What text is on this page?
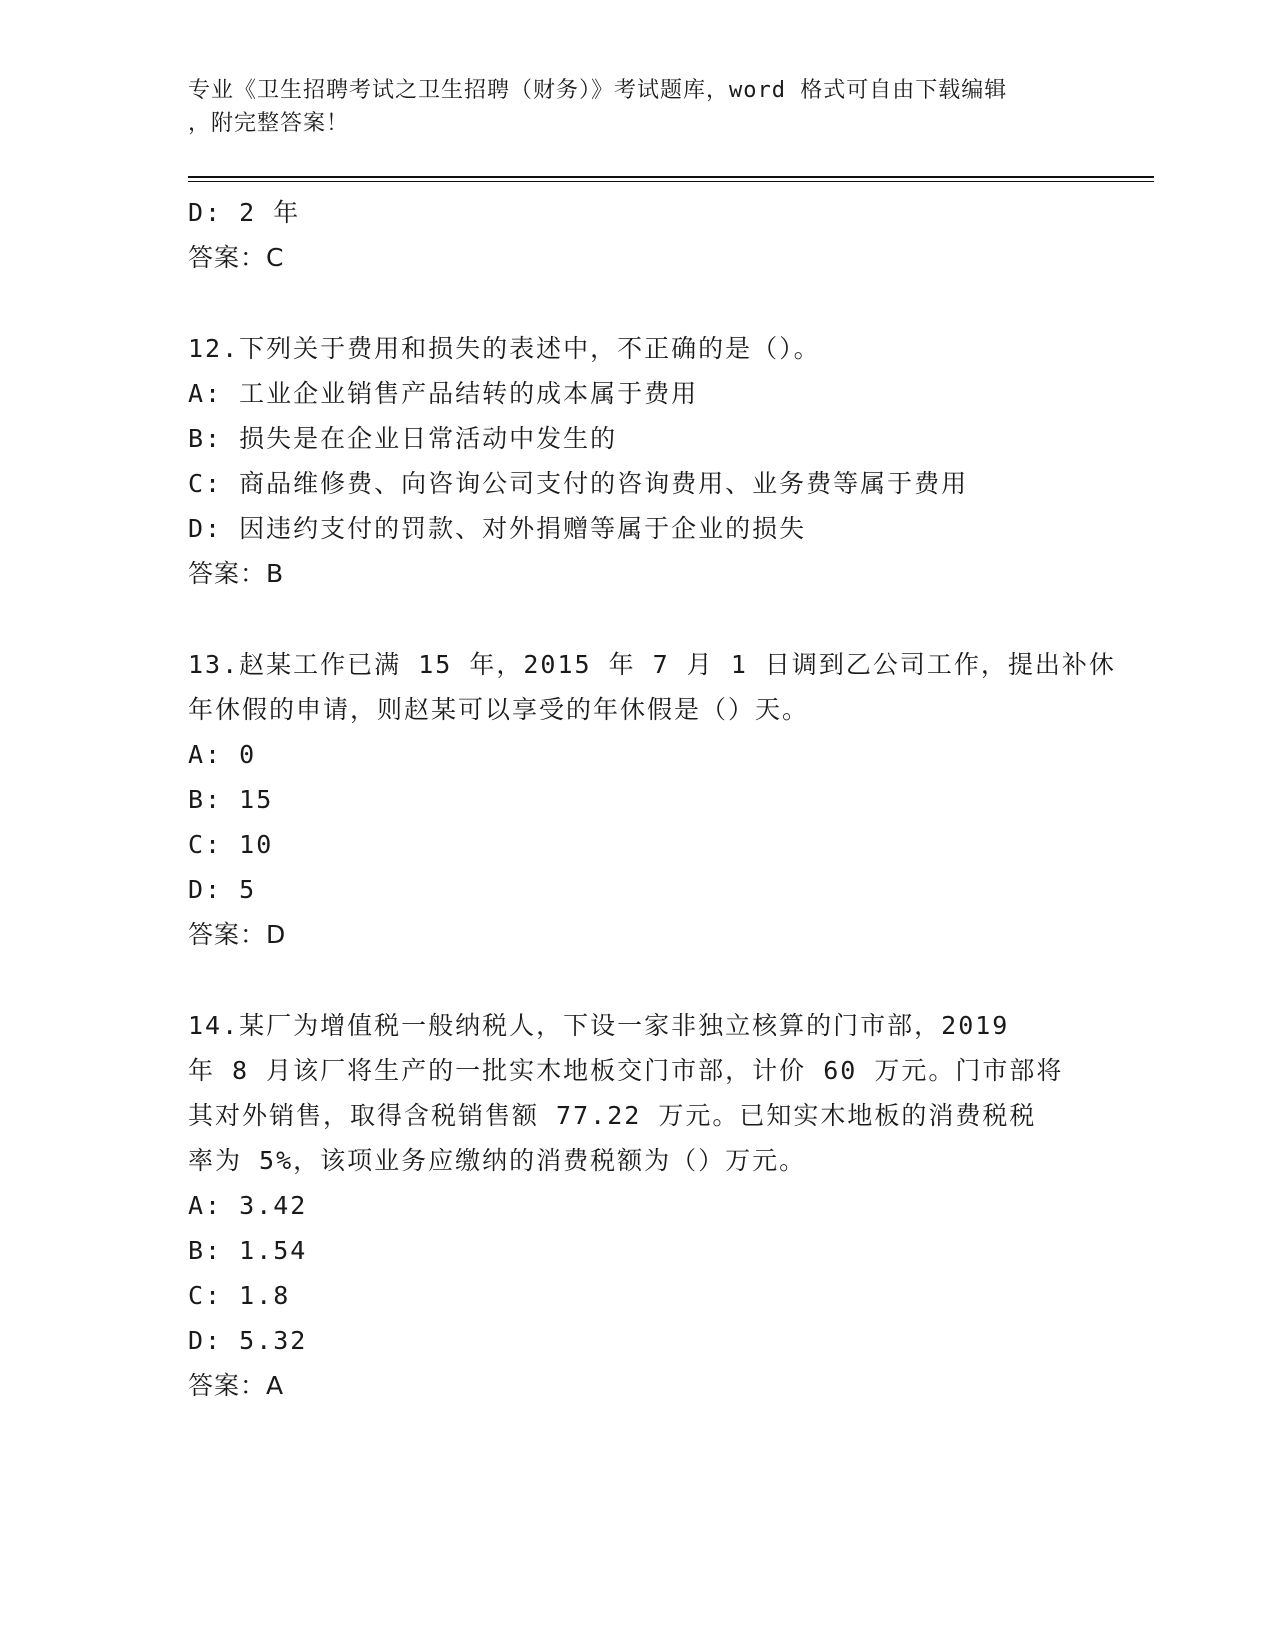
专业《卫生招聘考试之卫生招聘（财务）》考试题库，word 格式可自由下载编辑
，附完整答案！
D: 2 年
答案：C
12.下列关于费用和损失的表述中，不正确的是（）。
A: 工业企业销售产品结转的成本属于费用
B: 损失是在企业日常活动中发生的
C: 商品维修费、向咨询公司支付的咨询费用、业务费等属于费用
D: 因违约支付的罚款、对外捐赠等属于企业的损失
答案：B
13.赵某工作已满 15 年，2015 年 7 月 1 日调到乙公司工作，提出补休
年休假的申请，则赵某可以享受的年休假是（）天。
A: 0
B: 15
C: 10
D: 5
答案：D
14.某厂为增值税一般纳税人，下设一家非独立核算的门市部，2019
年 8 月该厂将生产的一批实木地板交门市部，计价 60 万元。门市部将
其对外销售，取得含税销售额 77.22 万元。已知实木地板的消费税税
率为 5%，该项业务应缴纳的消费税额为（）万元。
A: 3.42
B: 1.54
C: 1.8
D: 5.32
答案：A
